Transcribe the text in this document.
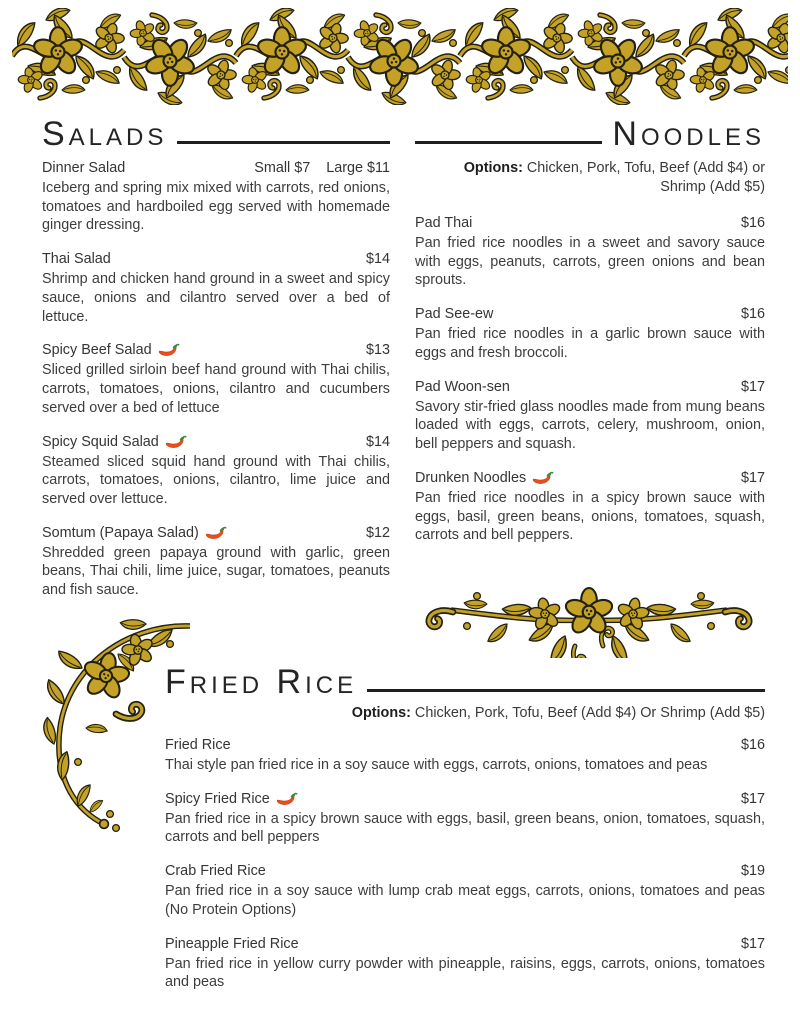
Salads
Dinner Salad	Small $7    Large $11

Iceberg and spring mix mixed with carrots, red onions, tomatoes and hardboiled egg served with homemade ginger dressing.

Thai Salad	$14

Shrimp and chicken hand ground in a sweet and spicy sauce, onions and cilantro served over a bed of lettuce.

Spicy Beef Salad	$13

Sliced grilled sirloin beef hand ground with Thai chilis, carrots, tomatoes, onions, cilantro and cucumbers served over a bed of lettuce

Spicy Squid Salad	$14

Steamed sliced squid hand ground with Thai chilis, carrots, tomatoes, onions, cilantro, lime juice and served over lettuce.

Somtum (Papaya Salad)	$12

Shredded green papaya ground with garlic, green beans, Thai chili, lime juice, sugar, tomatoes, peanuts and fish sauce.

Noodles

Options: Chicken, Pork, Tofu, Beef (Add $4) or Shrimp (Add $5)

Pad Thai	$16

Pan fried rice noodles in a sweet and savory sauce with eggs, peanuts, carrots, green onions and bean sprouts.

Pad See-ew	$16

Pan fried rice noodles in a garlic brown sauce with eggs and fresh broccoli.

Pad Woon-sen	$17

Savory stir-fried glass noodles made from mung beans loaded with eggs, carrots, celery, mushroom, onion, bell peppers and squash.

Drunken Noodles	$17

Pan fried rice noodles in a spicy brown sauce with eggs, basil, green beans, onions, tomatoes, squash, carrots and bell peppers.

Fried Rice

Options: Chicken, Pork, Tofu, Beef (Add $4) Or Shrimp (Add $5)

Fried Rice	$16

Thai style pan fried rice in a soy sauce with eggs, carrots, onions, tomatoes and peas

Spicy Fried Rice	$17

Pan fried rice in a spicy brown sauce with eggs, basil, green beans, onion, tomatoes, squash, carrots and bell peppers

Crab Fried Rice	$19

Pan fried rice in a soy sauce with lump crab meat eggs, carrots, onions, tomatoes and peas (No Protein Options)

Pineapple Fried Rice	$17

Pan fried rice in yellow curry powder with pineapple, raisins, eggs, carrots, onions, tomatoes and peas
